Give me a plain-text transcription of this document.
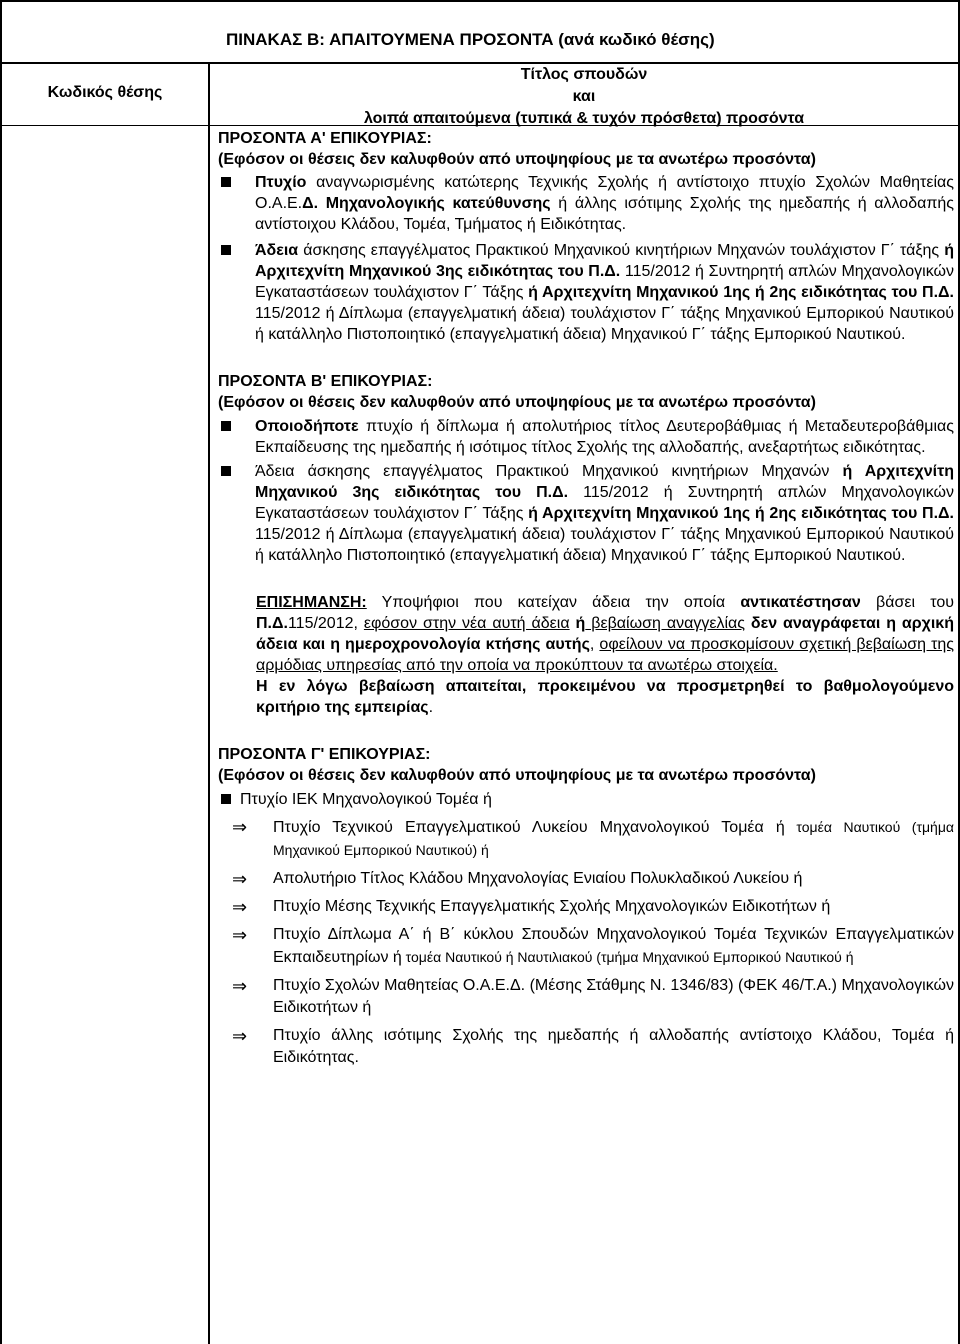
ΠΙΝΑΚΑΣ Β: ΑΠΑΙΤΟΥΜΕΝΑ ΠΡΟΣΟΝΤΑ (ανά κωδικό θέσης)
Κωδικός θέσης
Τίτλος σπουδών
και
λοιπά απαιτούμενα (τυπικά & τυχόν πρόσθετα) προσόντα
ΠΡΟΣΟΝΤΑ Α' ΕΠΙΚΟΥΡΙΑΣ:
(Εφόσον οι θέσεις δεν καλυφθούν από υποψηφίους με τα ανωτέρω προσόντα)
Πτυχίο αναγνωρισμένης κατώτερης Τεχνικής Σχολής ή αντίστοιχο πτυχίο Σχολών Μαθητείας Ο.Α.Ε.Δ. Μηχανολογικής κατεύθυνσης ή άλλης ισότιμης Σχολής της ημεδαπής ή αλλοδαπής αντίστοιχου Κλάδου, Τομέα, Τμήματος ή Ειδικότητας.
Άδεια άσκησης επαγγέλματος Πρακτικού Μηχανικού κινητήριων Μηχανών τουλάχιστον Γ΄ τάξης ή Αρχιτεχνίτη Μηχανικού 3ης ειδικότητας του Π.Δ. 115/2012 ή Συντηρητή απλών Μηχανολογικών Εγκαταστάσεων τουλάχιστον Γ΄ Τάξης ή Αρχιτεχνίτη Μηχανικού 1ης ή 2ης ειδικότητας του Π.Δ. 115/2012 ή Δίπλωμα (επαγγελματική άδεια) τουλάχιστον Γ΄ τάξης Μηχανικού Εμπορικού Ναυτικού ή κατάλληλο Πιστοποιητικό (επαγγελματική άδεια) Μηχανικού Γ΄ τάξης Εμπορικού Ναυτικού.
ΠΡΟΣΟΝΤΑ Β' ΕΠΙΚΟΥΡΙΑΣ:
(Εφόσον οι θέσεις δεν καλυφθούν από υποψηφίους με τα ανωτέρω προσόντα)
Οποιοδήποτε πτυχίο ή δίπλωμα ή απολυτήριος τίτλος Δευτεροβάθμιας ή Μεταδευτεροβάθμιας Εκπαίδευσης της ημεδαπής ή ισότιμος τίτλος Σχολής της αλλοδαπής, ανεξαρτήτως ειδικότητας.
Άδεια άσκησης επαγγέλματος Πρακτικού Μηχανικού κινητήριων Μηχανών ή Αρχιτεχνίτη Μηχανικού 3ης ειδικότητας του Π.Δ. 115/2012 ή Συντηρητή απλών Μηχανολογικών Εγκαταστάσεων τουλάχιστον Γ΄ Τάξης ή Αρχιτεχνίτη Μηχανικού 1ης ή 2ης ειδικότητας του Π.Δ. 115/2012 ή Δίπλωμα (επαγγελματική άδεια) τουλάχιστον Γ΄ τάξης Μηχανικού Εμπορικού Ναυτικού ή κατάλληλο Πιστοποιητικό (επαγγελματική άδεια) Μηχανικού Γ΄ τάξης Εμπορικού Ναυτικού.
ΕΠΙΣΗΜΑΝΣΗ: Υποψήφιοι που κατείχαν άδεια την οποία αντικατέστησαν βάσει του Π.Δ.115/2012, εφόσον στην νέα αυτή άδεια ή βεβαίωση αναγγελίας δεν αναγράφεται η αρχική άδεια και η ημεροχρονολογία κτήσης αυτής, οφείλουν να προσκομίσουν σχετική βεβαίωση της αρμόδιας υπηρεσίας από την οποία να προκύπτουν τα ανωτέρω στοιχεία.
Η εν λόγω βεβαίωση απαιτείται, προκειμένου να προσμετρηθεί το βαθμολογούμενο κριτήριο της εμπειρίας.
ΠΡΟΣΟΝΤΑ Γ' ΕΠΙΚΟΥΡΙΑΣ:
(Εφόσον οι θέσεις δεν καλυφθούν από υποψηφίους με τα ανωτέρω προσόντα)
Πτυχίο ΙΕΚ Μηχανολογικού Τομέα ή
⇒ Πτυχίο Τεχνικού Επαγγελματικού Λυκείου Μηχανολογικού Τομέα ή τομέα Ναυτικού (τμήμα Μηχανικού Εμπορικού Ναυτικού) ή
⇒ Απολυτήριο Τίτλος Κλάδου Μηχανολογίας Ενιαίου Πολυκλαδικού Λυκείου ή
⇒ Πτυχίο Μέσης Τεχνικής Επαγγελματικής Σχολής Μηχανολογικών Ειδικοτήτων ή
⇒ Πτυχίο Δίπλωμα Α΄ ή Β΄ κύκλου Σπουδών Μηχανολογικού Τομέα Τεχνικών Επαγγελματικών Εκπαιδευτηρίων ή τομέα Ναυτικού ή Ναυτιλιακού (τμήμα Μηχανικού Εμπορικού Ναυτικού ή
⇒ Πτυχίο Σχολών Μαθητείας Ο.Α.Ε.Δ. (Μέσης Στάθμης Ν. 1346/83) (ΦΕΚ 46/Τ.Α.) Μηχανολογικών Ειδικοτήτων ή
⇒ Πτυχίο άλλης ισότιμης Σχολής της ημεδαπής ή αλλοδαπής αντίστοιχο Κλάδου, Τομέα ή Ειδικότητας.
